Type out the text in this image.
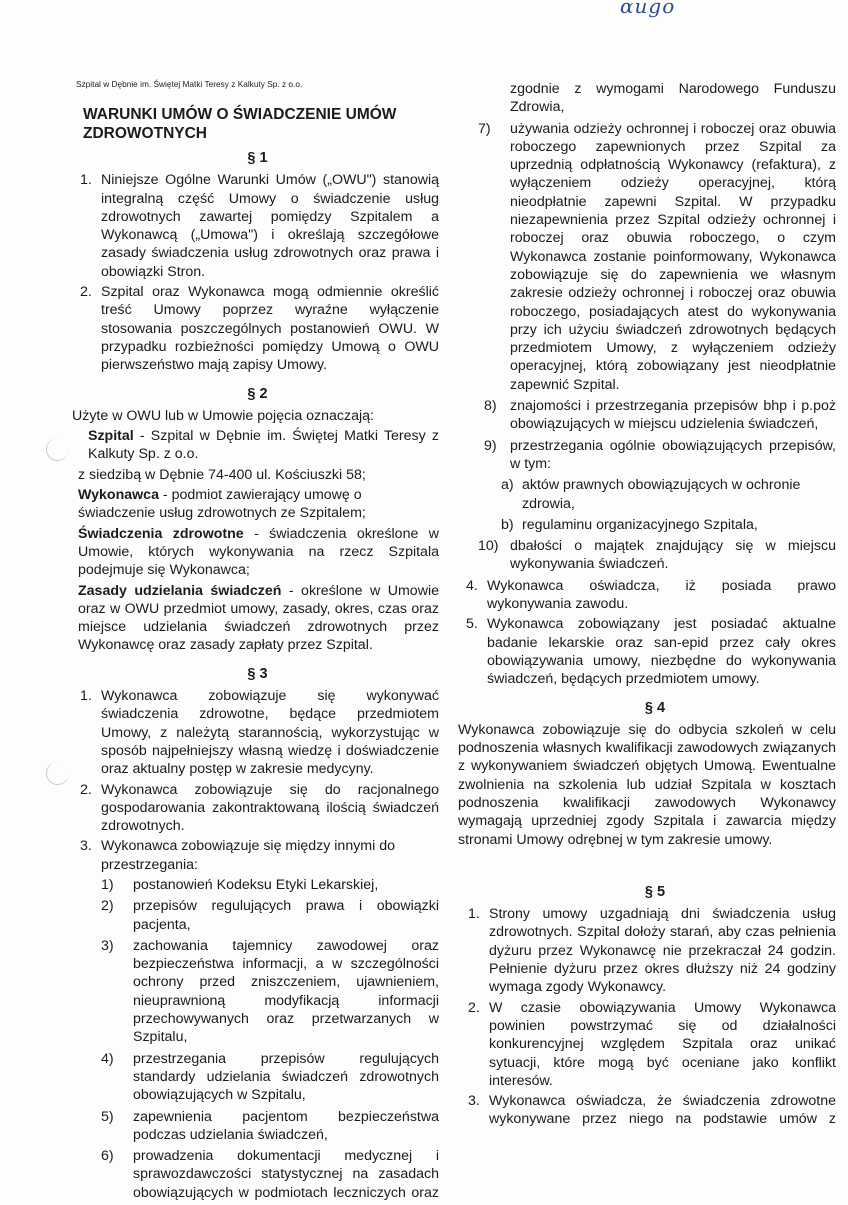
αugo
Szpital w Dębnie im. Świętej Matki Teresy z Kalkuty Sp. z o.o.
WARUNKI UMÓW O ŚWIADCZENIE UMÓW ZDROWOTNYCH
§ 1
1. Niniejsze Ogólne Warunki Umów („OWU") stanowią integralną część Umowy o świadczenie usług zdrowotnych zawartej pomiędzy Szpitalem a Wykonawcą („Umowa") i określają szczegółowe zasady świadczenia usług zdrowotnych oraz prawa i obowiązki Stron.
2. Szpital oraz Wykonawca mogą odmiennie określić treść Umowy poprzez wyraźne wyłączenie stosowania poszczególnych postanowień OWU. W przypadku rozbieżności pomiędzy Umową o OWU pierwszeństwo mają zapisy Umowy.
§ 2
Użyte w OWU lub w Umowie pojęcia oznaczają:
Szpital - Szpital w Dębnie im. Świętej Matki Teresy z Kalkuty Sp. z o.o.
z siedzibą w Dębnie 74-400 ul. Kościuszki 58;
Wykonawca - podmiot zawierający umowę o świadczenie usług zdrowotnych ze Szpitalem;
Świadczenia zdrowotne - świadczenia określone w Umowie, których wykonywania na rzecz Szpitala podejmuje się Wykonawca;
Zasady udzielania świadczeń - określone w Umowie oraz w OWU przedmiot umowy, zasady, okres, czas oraz miejsce udzielania świadczeń zdrowotnych przez Wykonawcę oraz zasady zapłaty przez Szpital.
§ 3
1. Wykonawca zobowiązuje się wykonywać świadczenia zdrowotne, będące przedmiotem Umowy, z należytą starannością, wykorzystując w sposób najpełniejszy własną wiedzę i doświadczenie oraz aktualny postęp w zakresie medycyny.
2. Wykonawca zobowiązuje się do racjonalnego gospodarowania zakontraktowaną ilością świadczeń zdrowotnych.
3. Wykonawca zobowiązuje się między innymi do przestrzegania:
1) postanowień Kodeksu Etyki Lekarskiej,
2) przepisów regulujących prawa i obowiązki pacjenta,
3) zachowania tajemnicy zawodowej oraz bezpieczeństwa informacji, a w szczególności ochrony przed zniszczeniem, ujawnieniem, nieuprawnioną modyfikacją informacji przechowywanych oraz przetwarzanych w Szpitalu,
4) przestrzegania przepisów regulujących standardy udzielania świadczeń zdrowotnych obowiązujących w Szpitalu,
5) zapewnienia pacjentom bezpieczeństwa podczas udzielania świadczeń,
6) prowadzenia dokumentacji medycznej i sprawozdawczości statystycznej na zasadach obowiązujących w podmiotach leczniczych oraz
zgodnie z wymogami Narodowego Funduszu Zdrowia,
7) używania odzieży ochronnej i roboczej oraz obuwia roboczego zapewnionych przez Szpital za uprzednią odpłatnością Wykonawcy (refaktura), z wyłączeniem odzieży operacyjnej, którą nieodpłatnie zapewni Szpital. W przypadku niezapewnienia przez Szpital odzieży ochronnej i roboczej oraz obuwia roboczego, o czym Wykonawca zostanie poinformowany, Wykonawca zobowiązuje się do zapewnienia we własnym zakresie odzieży ochronnej i roboczej oraz obuwia roboczego, posiadających atest do wykonywania przy ich użyciu świadczeń zdrowotnych będących przedmiotem Umowy, z wyłączeniem odzieży operacyjnej, którą zobowiązany jest nieodpłatnie zapewnić Szpital.
8) znajomości i przestrzegania przepisów bhp i p.poż obowiązujących w miejscu udzielenia świadczeń,
9) przestrzegania ogólnie obowiązujących przepisów, w tym:
a) aktów prawnych obowiązujących w ochronie zdrowia,
b) regulaminu organizacyjnego Szpitala,
10) dbałości o majątek znajdujący się w miejscu wykonywania świadczeń.
4. Wykonawca oświadcza, iż posiada prawo wykonywania zawodu.
5. Wykonawca zobowiązany jest posiadać aktualne badanie lekarskie oraz san-epid przez cały okres obowiązywania umowy, niezbędne do wykonywania świadczeń, będących przedmiotem umowy.
§ 4
Wykonawca zobowiązuje się do odbycia szkoleń w celu podnoszenia własnych kwalifikacji zawodowych związanych z wykonywaniem świadczeń objętych Umową. Ewentualne zwolnienia na szkolenia lub udział Szpitala w kosztach podnoszenia kwalifikacji zawodowych Wykonawcy wymagają uprzedniej zgody Szpitala i zawarcia między stronami Umowy odrębnej w tym zakresie umowy.
§ 5
1. Strony umowy uzgadniają dni świadczenia usług zdrowotnych. Szpital dołoży starań, aby czas pełnienia dyżuru przez Wykonawcę nie przekraczał 24 godzin. Pełnienie dyżuru przez okres dłuższy niż 24 godziny wymaga zgody Wykonawcy.
2. W czasie obowiązywania Umowy Wykonawca powinien powstrzymać się od działalności konkurencyjnej względem Szpitala oraz unikać sytuacji, które mogą być oceniane jako konflikt interesów.
3. Wykonawca oświadcza, że świadczenia zdrowotne wykonywane przez niego na podstawie umów z
